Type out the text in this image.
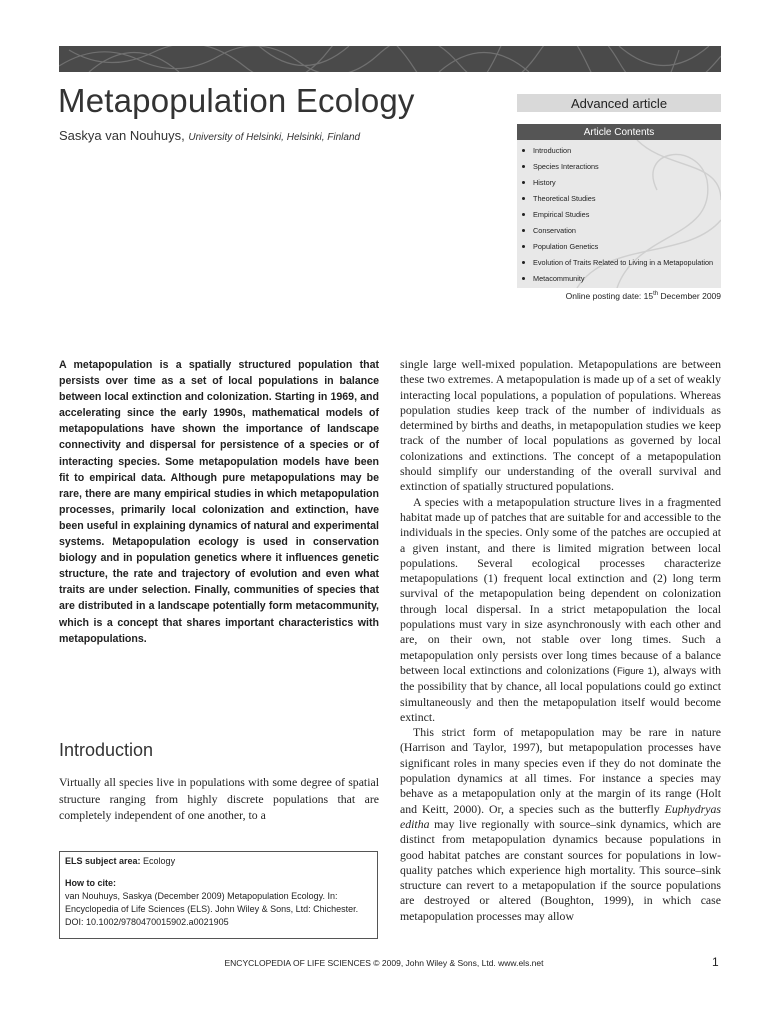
Metapopulation Ecology
Saskya van Nouhuys, University of Helsinki, Helsinki, Finland
Advanced article
Article Contents
Introduction
Species Interactions
History
Theoretical Studies
Empirical Studies
Conservation
Population Genetics
Evolution of Traits Related to Living in a Metapopulation
Metacommunity
Online posting date: 15th December 2009

A metapopulation is a spatially structured population that persists over time as a set of local populations in balance between local extinction and colonization. Starting in 1969, and accelerating since the early 1990s, mathematical models of metapopulations have shown the importance of landscape connectivity and dispersal for persistence of a species or of interacting species. Some metapopulation models have been fit to empirical data. Although pure metapopulations may be rare, there are many empirical studies in which metapopulation processes, primarily local colonization and extinction, have been useful in explaining dynamics of natural and experimental systems. Metapopulation ecology is used in conservation biology and in population genetics where it influences genetic structure, the rate and trajectory of evolution and even what traits are under selection. Finally, communities of species that are distributed in a landscape potentially form metacommunity, which is a concept that shares important characteristics with metapopulations.

Introduction

Virtually all species live in populations with some degree of spatial structure ranging from highly discrete populations that are completely independent of one another, to a

ELS subject area: Ecology
How to cite:
van Nouhuys, Saskya (December 2009) Metapopulation Ecology. In:
Encyclopedia of Life Sciences (ELS). John Wiley & Sons, Ltd: Chichester.
DOI: 10.1002/9780470015902.a0021905

single large well-mixed population. Metapopulations are between these two extremes. A metapopulation is made up of a set of weakly interacting local populations, a population of populations. Whereas population studies keep track of the number of individuals as determined by births and deaths, in metapopulation studies we keep track of the number of local populations as governed by local colonizations and extinctions. The concept of a metapopulation should simplify our understanding of the overall survival and extinction of spatially structured populations.

A species with a metapopulation structure lives in a fragmented habitat made up of patches that are suitable for and accessible to the individuals in the species. Only some of the patches are occupied at a given instant, and there is limited migration between local populations. Several ecological processes characterize metapopulations (1) frequent local extinction and (2) long term survival of the metapopulation being dependent on colonization through local dispersal. In a strict metapopulation the local populations must vary in size asynchronously with each other and are, on their own, not stable over long times. Such a metapopulation only persists over long times because of a balance between local extinctions and colonizations (Figure 1), always with the possibility that by chance, all local populations could go extinct simultaneously and then the metapopulation itself would become extinct.

This strict form of metapopulation may be rare in nature (Harrison and Taylor, 1997), but metapopulation processes have significant roles in many species even if they do not dominate the population dynamics at all times. For instance a species may behave as a metapopulation only at the margin of its range (Holt and Keitt, 2000). Or, a species such as the butterfly Euphydryas editha may live regionally with source–sink dynamics, which are distinct from metapopulation dynamics because populations in good habitat patches are constant sources for populations in low-quality patches which experience high mortality. This source–sink structure can revert to a metapopulation if the source populations are destroyed or altered (Boughton, 1999), in which case metapopulation processes may allow

ENCYCLOPEDIA OF LIFE SCIENCES © 2009, John Wiley & Sons, Ltd. www.els.net	1
